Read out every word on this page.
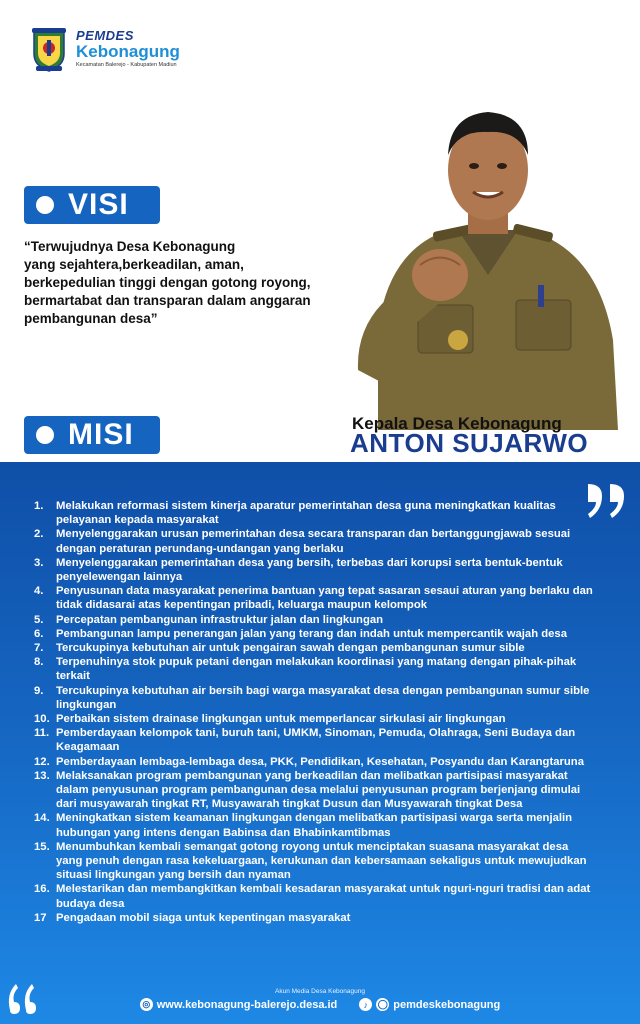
PEMDES
Kebonagung
Kecamatan Balerejo - Kabupaten Madiun
VISI
“Terwujudnya Desa Kebonagung
yang sejahtera,berkeadilan, aman,
berkepedulian tinggi dengan gotong royong,
bermartabat dan transparan dalam anggaran
pembangunan desa”
Kepala Desa Kebonagung
ANTON SUJARWO
MISI
1.	Melakukan reformasi sistem kinerja aparatur pemerintahan desa guna meningkatkan kualitas pelayanan kepada masyarakat
2.	Menyelenggarakan urusan pemerintahan desa secara transparan dan bertanggungjawab sesuai dengan peraturan perundang-undangan yang berlaku
3.	Menyelenggarakan pemerintahan desa yang bersih, terbebas dari korupsi serta bentuk-bentuk penyelewengan lainnya
4.	Penyusunan data masyarakat penerima bantuan yang tepat sasaran sesaui aturan yang berlaku dan tidak didasarai atas kepentingan pribadi, keluarga maupun kelompok
5.	Percepatan pembangunan infrastruktur jalan dan lingkungan
6.	Pembangunan lampu penerangan jalan yang terang dan indah untuk mempercantik wajah desa
7.	Tercukupinya kebutuhan air untuk pengairan sawah dengan pembangunan sumur sible
8.	Terpenuhinya stok pupuk petani dengan melakukan koordinasi yang matang dengan pihak-pihak terkait
9.	Tercukupinya kebutuhan air bersih bagi warga masyarakat desa dengan pembangunan sumur sible lingkungan
10. Perbaikan sistem drainase lingkungan untuk memperlancar sirkulasi air lingkungan
11. Pemberdayaan kelompok tani, buruh tani, UMKM, Sinoman, Pemuda, Olahraga, Seni Budaya dan Keagamaan
12. Pemberdayaan lembaga-lembaga desa, PKK, Pendidikan, Kesehatan, Posyandu dan Karangtaruna
13. Melaksanakan program pembangunan yang berkeadilan dan melibatkan partisipasi masyarakat dalam penyusunan program pembangunan desa melalui penyusunan program berjenjang dimulai dari musyawarah tingkat RT, Musyawarah tingkat Dusun dan Musyawarah tingkat Desa
14. Meningkatkan sistem keamanan lingkungan dengan melibatkan partisipasi warga serta menjalin hubungan yang intens dengan Babinsa dan Bhabinkamtibmas
15. Menumbuhkan kembali semangat gotong royong untuk menciptakan suasana masyarakat desa yang penuh dengan rasa kekeluargaan, kerukunan dan kebersamaan sekaligus untuk mewujudkan situasi lingkungan yang bersih dan nyaman
16. Melestarikan dan membangkitkan kembali kesadaran masyarakat untuk nguri-nguri tradisi dan adat budaya desa
17 Pengadaan mobil siaga untuk kepentingan masyarakat
Akun Media Desa Kebonagung
◎ www.kebonagung-balerejo.desa.id	♪	◯ pemdeskebonagung
